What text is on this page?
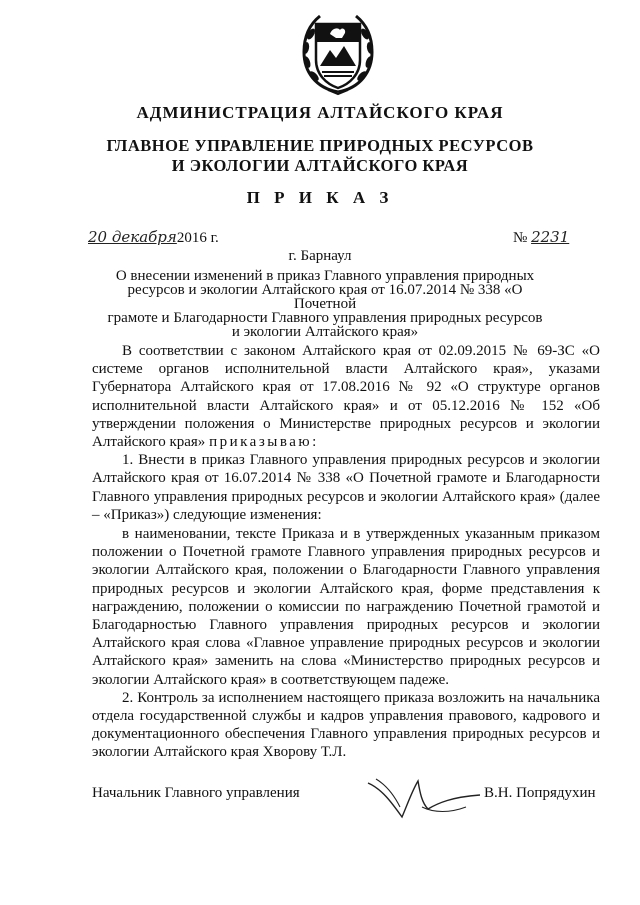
АДМИНИСТРАЦИЯ АЛТАЙСКОГО КРАЯ
ГЛАВНОЕ УПРАВЛЕНИЕ ПРИРОДНЫХ РЕСУРСОВ
И ЭКОЛОГИИ АЛТАЙСКОГО КРАЯ
П Р И К А З
20 декабря2016 г.	№ 2231
г. Барнаул
О внесении изменений в приказ Главного управления природных
ресурсов и экологии Алтайского края от 16.07.2014 № 338 «О Почетной
грамоте и Благодарности Главного управления природных ресурсов
и экологии Алтайского края»

В соответствии с законом Алтайского края от 02.09.2015 № 69-ЗС «О системе органов исполнительной власти Алтайского края», указами Губернатора Алтайского края от 17.08.2016 № 92 «О структуре органов исполнительной власти Алтайского края» и от 05.12.2016 № 152 «Об утверждении положения о Министерстве природных ресурсов и экологии Алтайского края» приказываю:

1. Внести в приказ Главного управления природных ресурсов и экологии Алтайского края от 16.07.2014 № 338 «О Почетной грамоте и Благодарности Главного управления природных ресурсов и экологии Алтайского края» (далее – «Приказ») следующие изменения:

в наименовании, тексте Приказа и в утвержденных указанным приказом положении о Почетной грамоте Главного управления природных ресурсов и экологии Алтайского края, положении о Благодарности Главного управления природных ресурсов и экологии Алтайского края, форме представления к награждению, положении о комиссии по награждению Почетной грамотой и Благодарностью Главного управления природных ресурсов и экологии Алтайского края слова «Главное управление природных ресурсов и экологии Алтайского края» заменить на слова «Министерство природных ресурсов и экологии Алтайского края» в соответствующем падеже.

2. Контроль за исполнением настоящего приказа возложить на начальника отдела государственной службы и кадров управления правового, кадрового и документационного обеспечения Главного управления природных ресурсов и экологии Алтайского края Хворову Т.Л.

Начальник Главного управления	В.Н. Попрядухин
